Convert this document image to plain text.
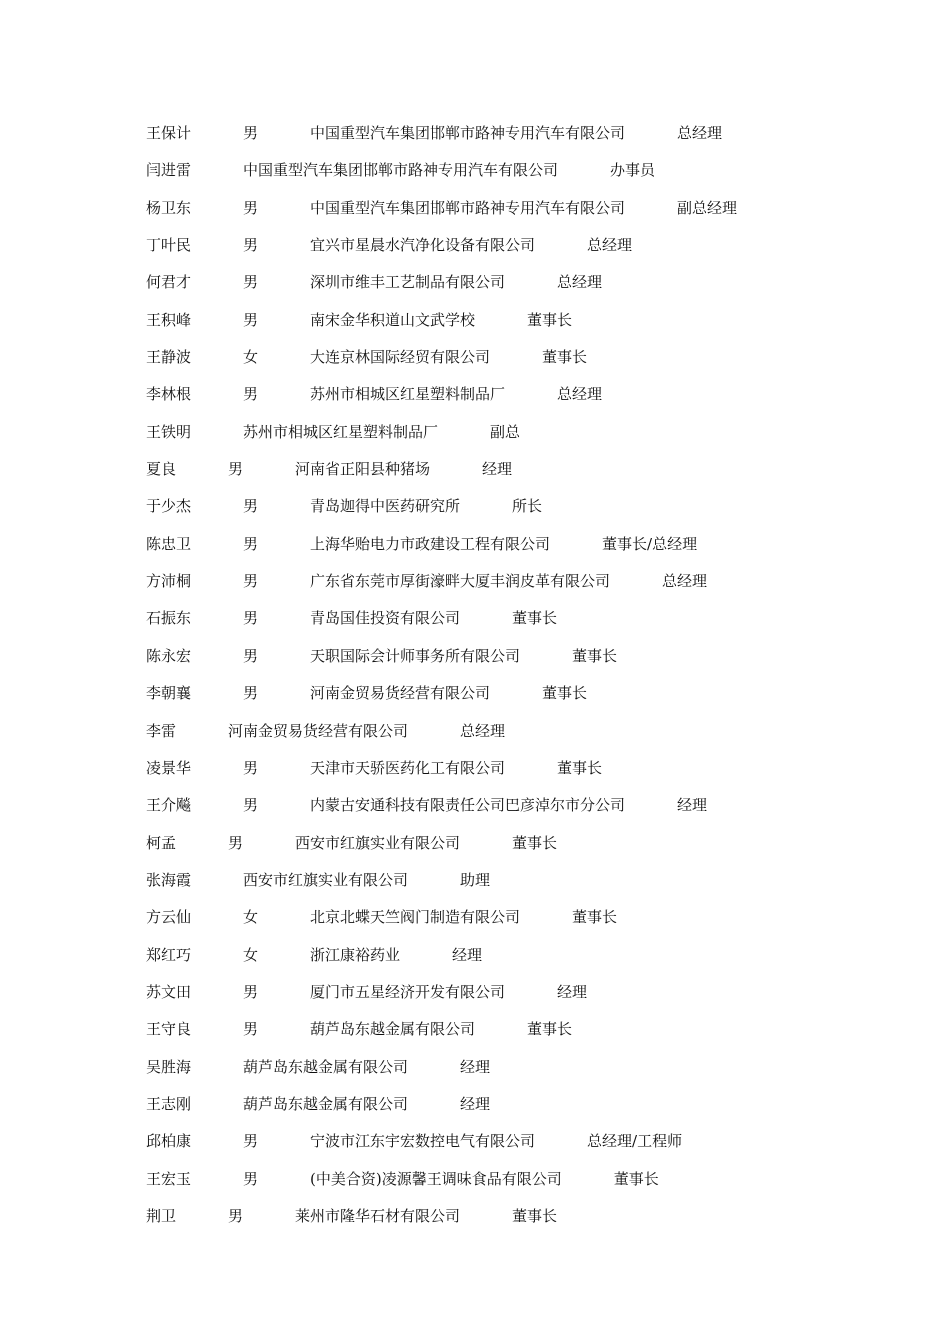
王保计	男	中国重型汽车集团邯郸市路神专用汽车有限公司	总经理
闫进雷	中国重型汽车集团邯郸市路神专用汽车有限公司	办事员
杨卫东	男	中国重型汽车集团邯郸市路神专用汽车有限公司	副总经理
丁叶民	男	宜兴市星晨水汽净化设备有限公司	总经理
何君才	男	深圳市维丰工艺制品有限公司	总经理
王积峰	男	南宋金华积道山文武学校	董事长
王静波	女	大连京林国际经贸有限公司	董事长
李林根	男	苏州市相城区红星塑料制品厂	总经理
王铁明	苏州市相城区红星塑料制品厂	副总
夏良	男	河南省正阳县种猪场	经理
于少杰	男	青岛迦得中医药研究所	所长
陈忠卫	男	上海华贻电力市政建设工程有限公司	董事长/总经理
方沛桐	男	广东省东莞市厚街濠畔大厦丰润皮革有限公司	总经理
石振东	男	青岛国佳投资有限公司	董事长
陈永宏	男	天职国际会计师事务所有限公司	董事长
李朝襄	男	河南金贸易货经营有限公司	董事长
李雷	河南金贸易货经营有限公司	总经理
凌景华	男	天津市天骄医药化工有限公司	董事长
王介飚	男	内蒙古安通科技有限责任公司巴彦淖尔市分公司	经理
柯孟	男	西安市红旗实业有限公司	董事长
张海霞	西安市红旗实业有限公司	助理
方云仙	女	北京北蝶天竺阀门制造有限公司	董事长
郑红巧	女	浙江康裕药业	经理
苏文田	男	厦门市五星经济开发有限公司	经理
王守良	男	葫芦岛东越金属有限公司	董事长
吴胜海	葫芦岛东越金属有限公司	经理
王志刚	葫芦岛东越金属有限公司	经理
邱柏康	男	宁波市江东宇宏数控电气有限公司	总经理/工程师
王宏玉	男	(中美合资)凌源馨王调味食品有限公司	董事长
荆卫	男	莱州市隆华石材有限公司	董事长
